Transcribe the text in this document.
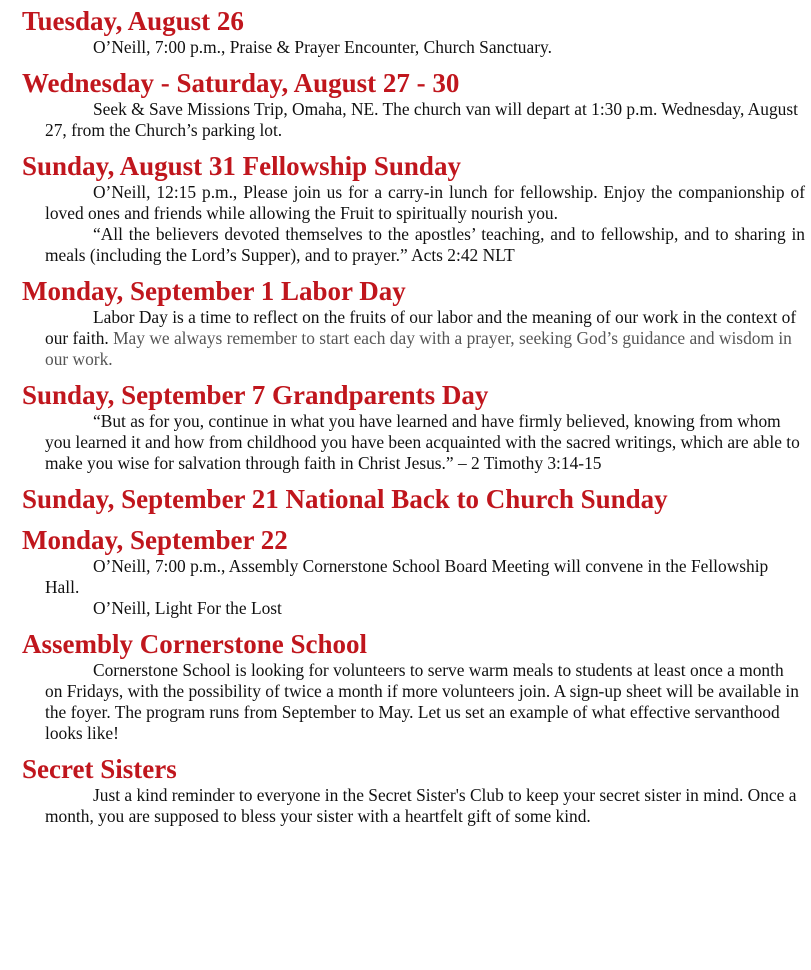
Tuesday, August 26

O’Neill, 7:00 p.m., Praise & Prayer Encounter, Church Sanctuary.

Wednesday - Saturday, August 27 - 30

Seek & Save Missions Trip, Omaha, NE. The church van will depart at 1:30 p.m. Wednesday, August 27, from the Church’s parking lot.

Sunday, August 31 Fellowship Sunday

O’Neill, 12:15 p.m., Please join us for a carry-in lunch for fellowship. Enjoy the companionship of loved ones and friends while allowing the Fruit to spiritually nourish you.

“All the believers devoted themselves to the apostles’ teaching, and to fellowship, and to sharing in meals (including the Lord’s Supper), and to prayer.” Acts 2:42 NLT

Monday, September 1 Labor Day

Labor Day is a time to reflect on the fruits of our labor and the meaning of our work in the context of our faith. May we always remember to start each day with a prayer, seeking God’s guidance and wisdom in our work.

Sunday, September 7 Grandparents Day

“But as for you, continue in what you have learned and have firmly believed, knowing from whom you learned it and how from childhood you have been acquainted with the sacred writings, which are able to make you wise for salvation through faith in Christ Jesus.” – 2 Timothy 3:14-15

Sunday, September 21 National Back to Church Sunday
Monday, September 22

O’Neill, 7:00 p.m., Assembly Cornerstone School Board Meeting will convene in the Fellowship Hall.

O’Neill, Light For the Lost

Assembly Cornerstone School

Cornerstone School is looking for volunteers to serve warm meals to students at least once a month on Fridays, with the possibility of twice a month if more volunteers join. A sign-up sheet will be available in the foyer. The program runs from September to May. Let us set an example of what effective servanthood looks like!

Secret Sisters

Just a kind reminder to everyone in the Secret Sister's Club to keep your secret sister in mind. Once a month, you are supposed to bless your sister with a heartfelt gift of some kind.
